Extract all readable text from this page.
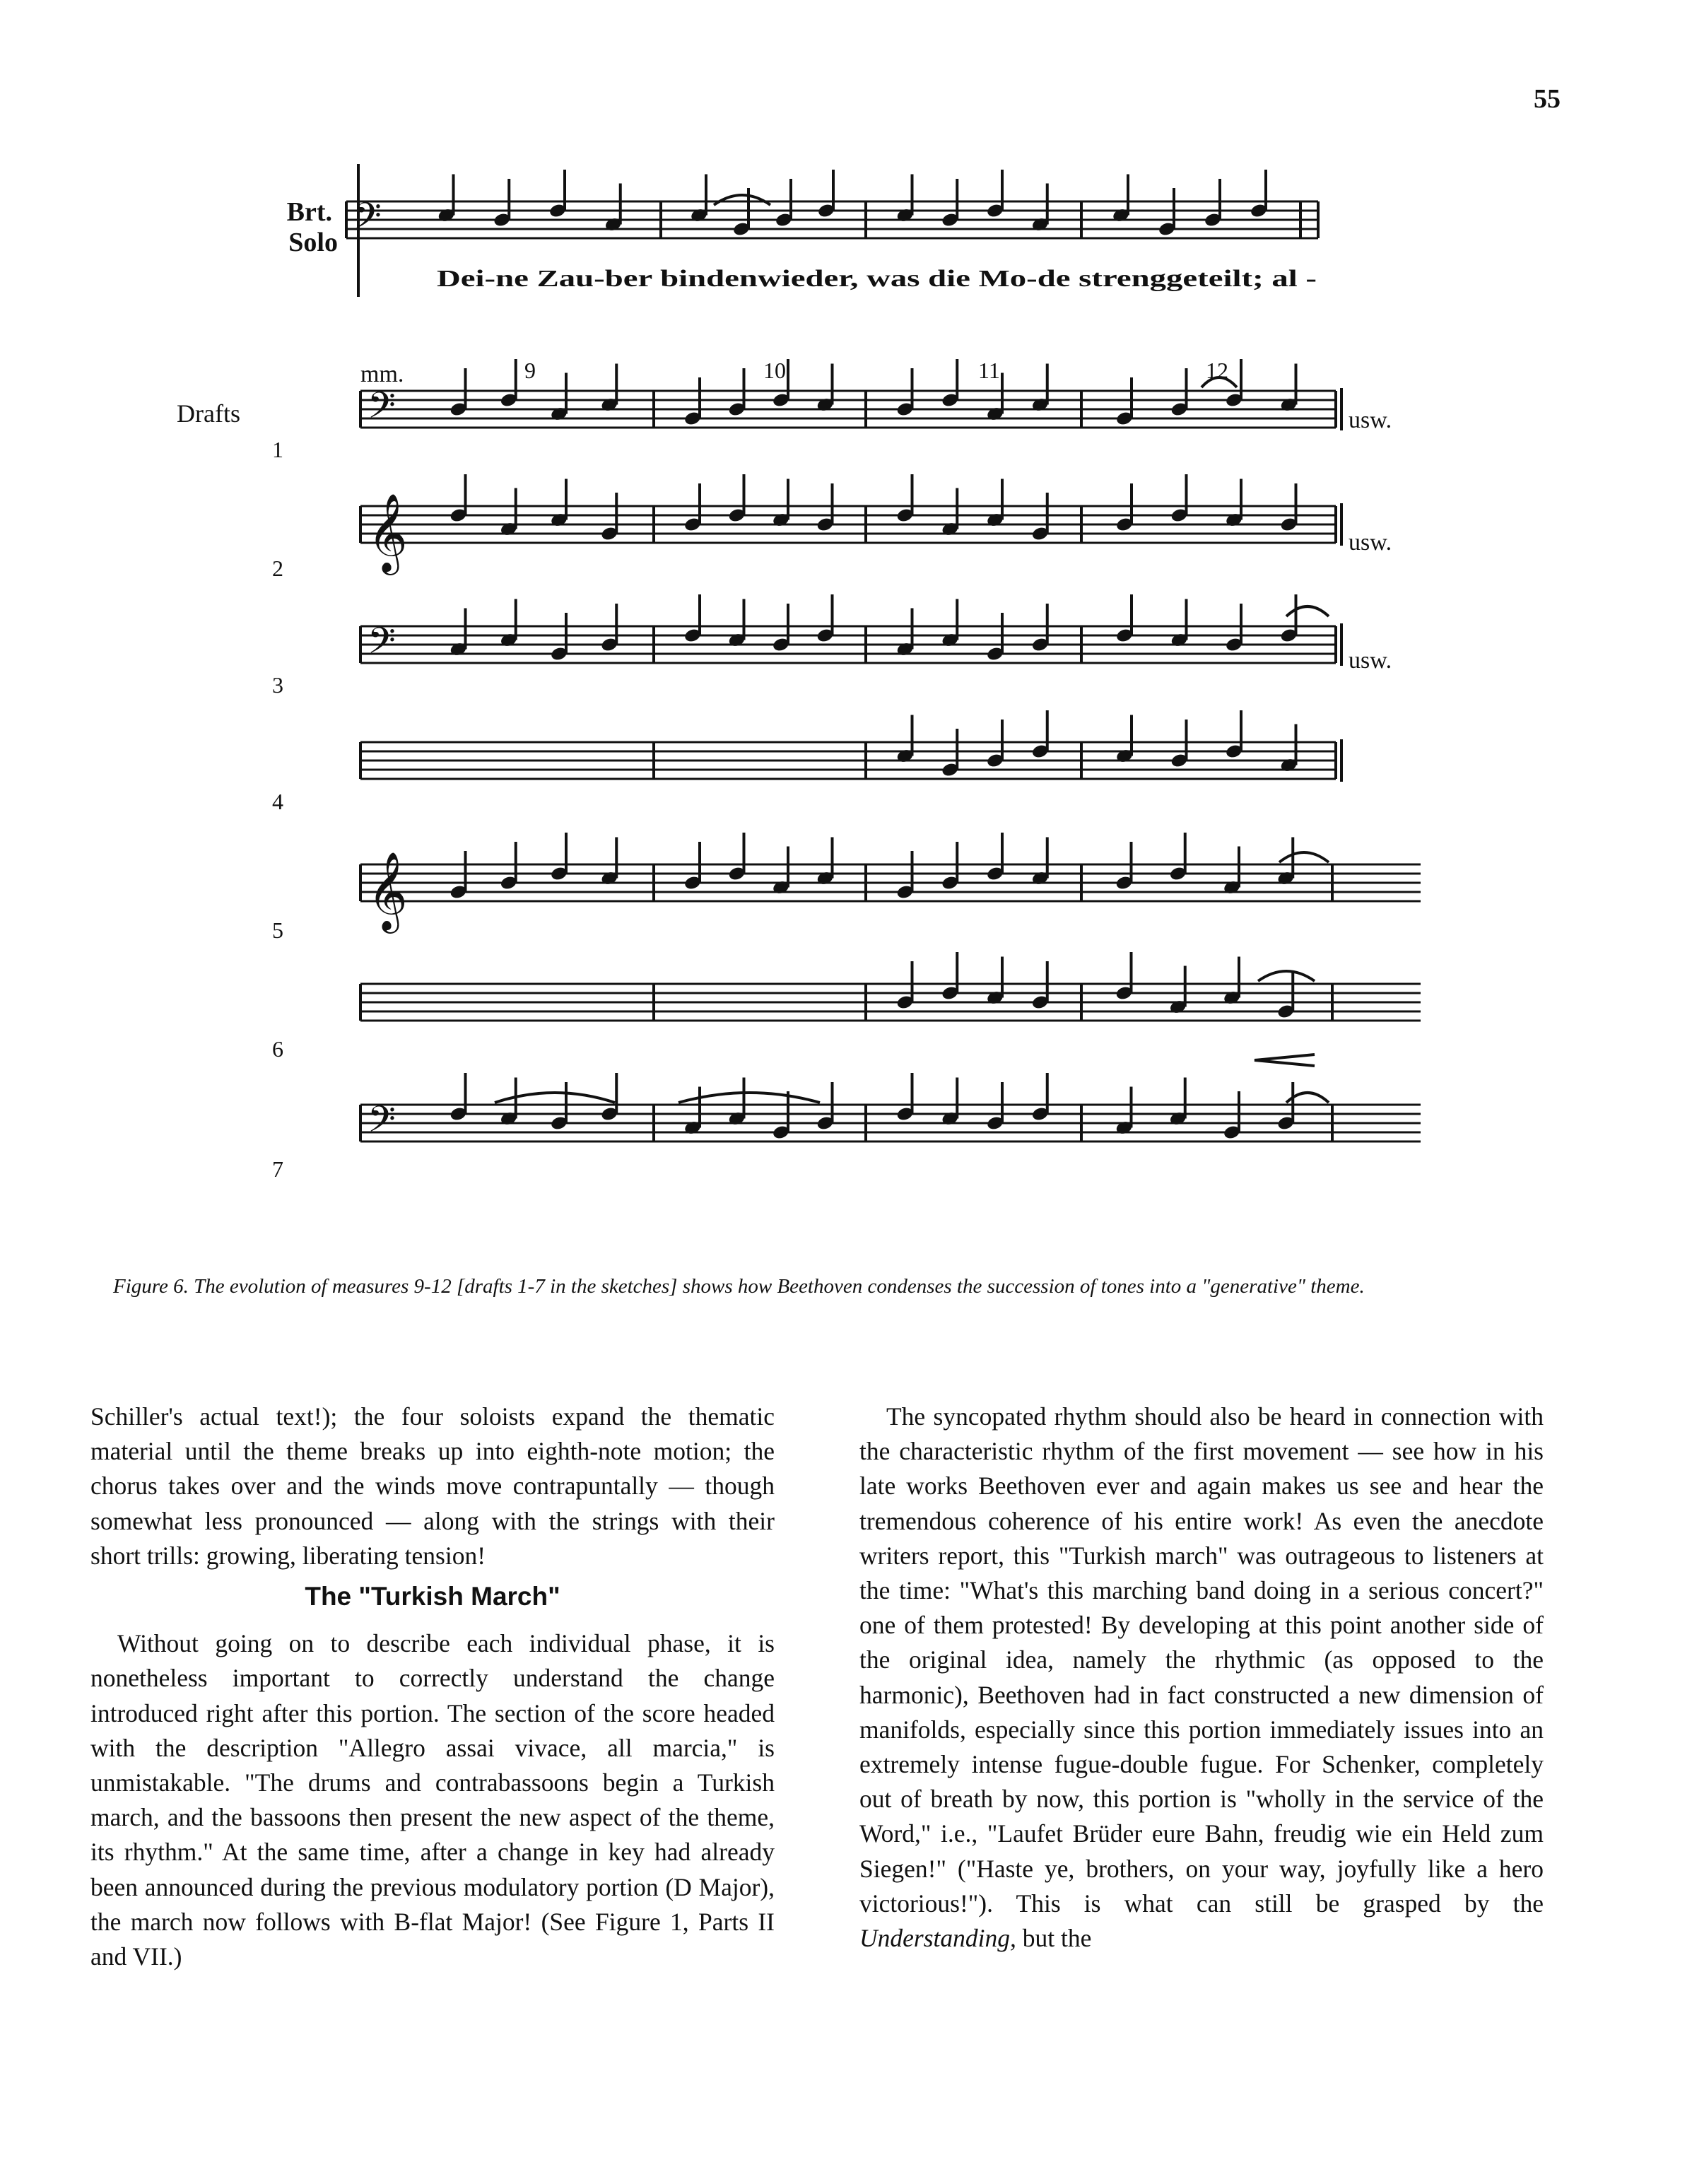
55
Brt.
Solo
Dei-ne Zau-ber bindenwieder, was die Mo-de strenggeteilt; al -
mm.	9	10	11	12
Drafts
1
2
3
4
5
6
7
usw.
usw.
usw.
𝄢
𝄢
𝄞
𝄢
𝄞
𝄢

Figure 6. The evolution of measures 9-12 [drafts 1-7 in the sketches] shows how Beethoven condenses the succession of tones into a "generative" theme.

Schiller's actual text!); the four soloists expand the thematic material until the theme breaks up into eighth-note motion; the chorus takes over and the winds move contrapuntally — though somewhat less pronounced — along with the strings with their short trills: growing, liberating tension!

The "Turkish March"

Without going on to describe each individual phase, it is nonetheless important to correctly understand the change introduced right after this portion. The section of the score headed with the description "Allegro assai vivace, all marcia," is unmistakable. "The drums and contrabassoons begin a Turkish march, and the bassoons then present the new aspect of the theme, its rhythm." At the same time, after a change in key had already been announced during the previous modulatory portion (D Major), the march now follows with B-flat Major! (See Figure 1, Parts II and VII.)

The syncopated rhythm should also be heard in connection with the characteristic rhythm of the first movement — see how in his late works Beethoven ever and again makes us see and hear the tremendous coherence of his entire work! As even the anecdote writers report, this "Turkish march" was outrageous to listeners at the time: "What's this marching band doing in a serious concert?" one of them protested! By developing at this point another side of the original idea, namely the rhythmic (as opposed to the harmonic), Beethoven had in fact constructed a new dimension of manifolds, especially since this portion immediately issues into an extremely intense fugue-double fugue. For Schenker, completely out of breath by now, this portion is "wholly in the service of the Word," i.e., "Laufet Brüder eure Bahn, freudig wie ein Held zum Siegen!" ("Haste ye, brothers, on your way, joyfully like a hero victorious!"). This is what can still be grasped by the Understanding, but the
